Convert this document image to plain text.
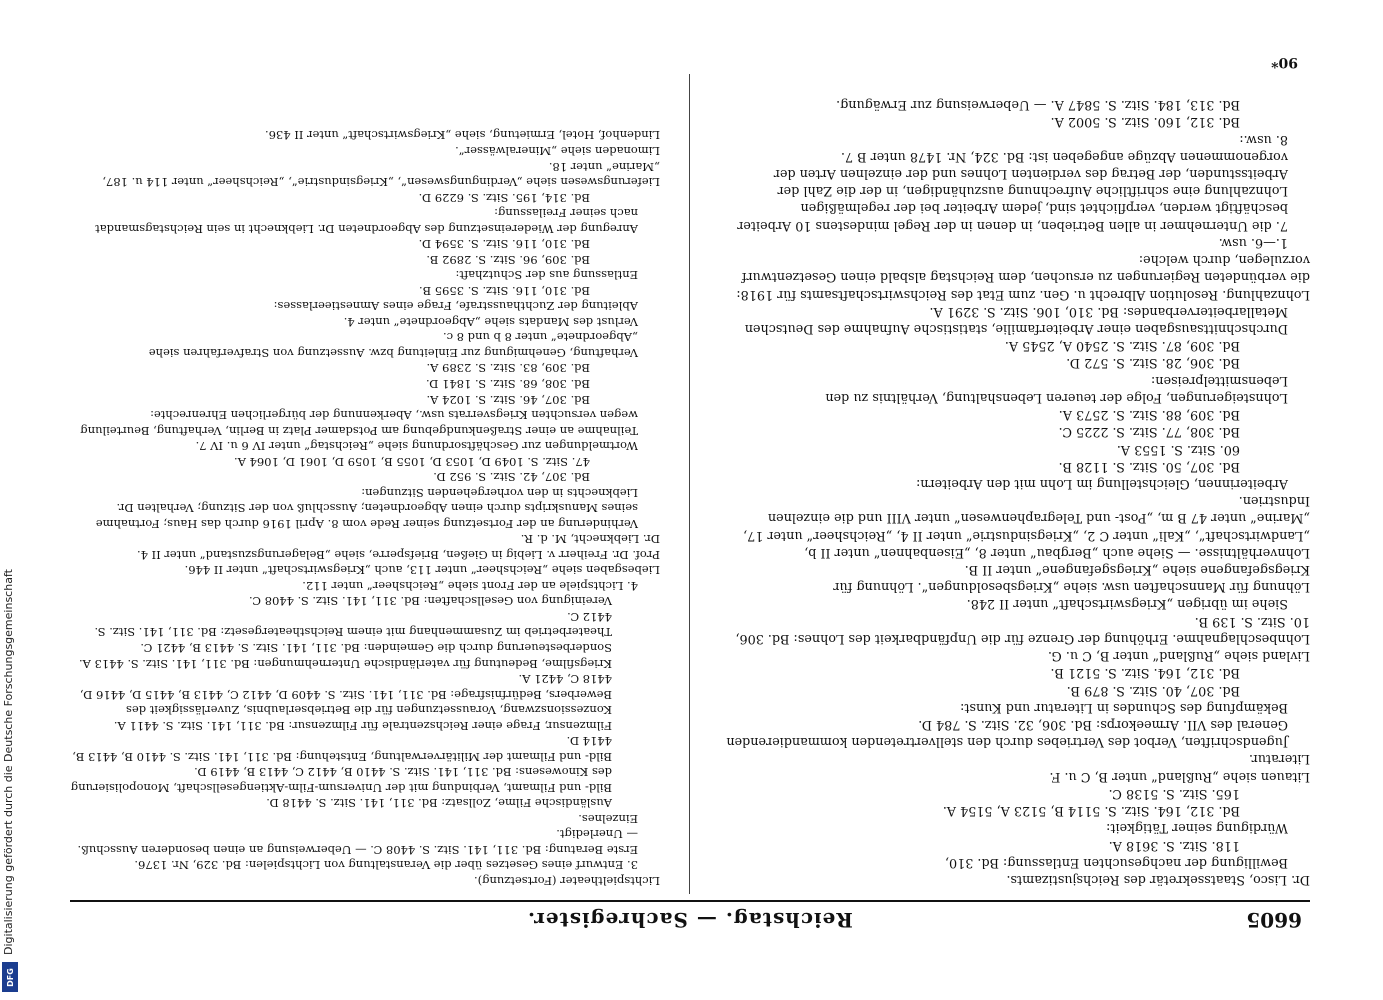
Digitalisierung gefördert durch die Deutsche Forschungsgemeinschaft
DFG
6605
Reichstag. — Sachregister.

Dr. Lisco, Staatssekretär des Reichsjustizamts.

Bewilligung der nachgesuchten Entlassung: Bd. 310,

118. Sitz. S. 3618 A.

Würdigung seiner Tätigkeit:

Bd. 312, 164. Sitz. S. 5114 B, 5123 A, 5154 A.

165. Sitz. S. 5138 C.

Litauen siehe „Rußland“ unter B, C u. F.

Literatur.

Jugendschriften, Verbot des Vertriebes durch den stellvertretenden kommandierenden General des VII. Armeekorps: Bd. 306, 32. Sitz. S. 784 D.

Bekämpfung des Schundes in Literatur und Kunst:

Bd. 307, 40. Sitz. S. 879 B.

Bd. 312, 164. Sitz. S. 5121 B.

Livland siehe „Rußland“ unter B, C u. G.

Lohnbeschlagnahme. Erhöhung der Grenze für die Unpfändbarkeit des Lohnes: Bd. 306, 10. Sitz. S. 139 B.

Siehe im übrigen „Kriegswirtschaft“ unter II 248.

Löhnung für Mannschaften usw. siehe „Kriegsbesoldungen“. Löhnung für Kriegsgefangene siehe „Kriegsgefangene“ unter II B.

Lohnverhältnisse. — Siehe auch „Bergbau“ unter 8, „Eisenbahnen“ unter II b, „Landwirtschaft“, „Kali“ unter C 2, „Kriegsindustrie“ unter II 4, „Reichsheer“ unter 17, „Marine“ unter 47 B m, „Post- und Telegraphenwesen“ unter VIII und die einzelnen Industrien.

Arbeiterinnen, Gleichstellung im Lohn mit den Arbeitern:

Bd. 307, 50. Sitz. S. 1128 B.

60. Sitz. S. 1553 A.

Bd. 308, 77. Sitz. S. 2225 C.

Bd. 309, 88. Sitz. S. 2573 A.

Lohnsteigerungen, Folge der teueren Lebenshaltung, Verhältnis zu den Lebensmittelpreisen:

Bd. 306, 28. Sitz. S. 572 D.

Bd. 309, 87. Sitz. S. 2540 A, 2545 A.

Durchschnittsausgaben einer Arbeiterfamilie, statistische Aufnahme des Deutschen Metallarbeiterverbandes: Bd. 310, 106. Sitz. S. 3291 A.

Lohnzahlung. Resolution Albrecht u. Gen. zum Etat des Reichswirtschaftsamts für 1918: die verbündeten Regierungen zu ersuchen, dem Reichstag alsbald einen Gesetzentwurf vorzulegen, durch welche:

1.—6. usw.

7. die Unternehmer in allen Betrieben, in denen in der Regel mindestens 10 Arbeiter beschäftigt werden, verpflichtet sind, jedem Arbeiter bei der regelmäßigen Lohnzahlung eine schriftliche Aufrechnung auszuhändigen, in der die Zahl der Arbeitsstunden, der Betrag des verdienten Lohnes und der einzelnen Arten der vorgenommenen Abzüge angegeben ist: Bd. 324, Nr. 1478 unter B 7.

8. usw.:

Bd. 312, 160. Sitz. S. 5002 A.

Bd. 313, 184. Sitz. S. 5847 A. — Ueberweisung zur Erwägung.

Lichtspieltheater (Fortsetzung).

3. Entwurf eines Gesetzes über die Veranstaltung von Lichtspielen: Bd. 329, Nr. 1376.

Erste Beratung: Bd. 311, 141. Sitz. S. 4408 C. — Ueberweisung an einen besonderen Ausschuß. — Unerledigt.

Einzelnes.

Ausländische Filme, Zollsatz: Bd. 311, 141. Sitz. S. 4418 D.

Bild- und Filmamt, Verbindung mit der Universum-Film-Aktiengesellschaft, Monopolisierung des Kinowesens: Bd. 311, 141. Sitz. S. 4410 B, 4412 C, 4413 B, 4419 D.

Bild- und Filmamt der Militärverwaltung, Entstehung: Bd. 311, 141. Sitz. S. 4410 B, 4413 B, 4414 D.

Filmzensur, Frage einer Reichszentrale für Filmzensur: Bd. 311, 141. Sitz. S. 4411 A.

Konzessionszwang, Voraussetzungen für die Betriebserlaubnis, Zuverlässigkeit des Bewerbers, Bedürfnisfrage: Bd. 311, 141. Sitz. S. 4409 D, 4412 C, 4413 B, 4415 D, 4416 D, 4418 C, 4421 A.

Kriegsfilme, Bedeutung für vaterländische Unternehmungen: Bd. 311, 141. Sitz. S. 4413 A.

Sonderbesteuerung durch die Gemeinden: Bd. 311, 141. Sitz. S. 4413 B, 4421 C.

Theaterbetrieb im Zusammenhang mit einem Reichstheatergesetz: Bd. 311, 141. Sitz. S. 4412 C.

Vereinigung von Gesellschaften: Bd. 311, 141. Sitz. S. 4408 C.

4. Lichtspiele an der Front siehe „Reichsheer“ unter 112.

Liebesgaben siehe „Reichsheer“ unter 113, auch „Kriegswirtschaft“ unter II 446.

Prof. Dr. Freiherr v. Liebig in Gießen, Briefsperre, siehe „Belagerungszustand“ unter II 4.

Dr. Liebknecht, M. d. R.

Verhinderung an der Fortsetzung seiner Rede vom 8. April 1916 durch das Haus; Fortnahme seines Manuskripts durch einen Abgeordneten; Ausschluß von der Sitzung; Verhalten Dr. Liebknechts in den vorhergehenden Sitzungen:

Bd. 307, 42. Sitz. S. 952 D.

47. Sitz. S. 1049 D, 1053 D, 1055 B, 1059 D, 1061 D, 1064 A.

Wortmeldungen zur Geschäftsordnung siehe „Reichstag“ unter IV 6 u. IV 7.

Teilnahme an einer Straßenkundgebung am Potsdamer Platz in Berlin, Verhaftung, Beurteilung wegen versuchten Kriegsverrats usw., Aberkennung der bürgerlichen Ehrenrechte:

Bd. 307, 46. Sitz. S. 1024 A.

Bd. 308, 68. Sitz. S. 1841 D.

Bd. 309, 83. Sitz. S. 2389 A.

Verhaftung, Genehmigung zur Einleitung bzw. Aussetzung von Strafverfahren siehe „Abgeordnete“ unter 8 b und 8 c.

Verlust des Mandats siehe „Abgeordnete“ unter 4.

Ableitung der Zuchthausstrafe, Frage eines Amnestieerlasses:

Bd. 310, 116. Sitz. S. 3595 B.

Entlassung aus der Schutzhaft:

Bd. 309, 96. Sitz. S. 2892 B.

Bd. 310, 116. Sitz. S. 3594 D.

Anregung der Wiedereinsetzung des Abgeordneten Dr. Liebknecht in sein Reichstagsmandat nach seiner Freilassung:

Bd. 314, 195. Sitz. S. 6229 D.

Lieferungswesen siehe „Verdingungswesen“, „Kriegsindustrie“, „Reichsheer“ unter 114 u. 187, „Marine“ unter 18.

Limonaden siehe „Mineralwässer“.

Lindenhof, Hotel, Ermietung, siehe „Kriegswirtschaft“ unter II 436.

90*
